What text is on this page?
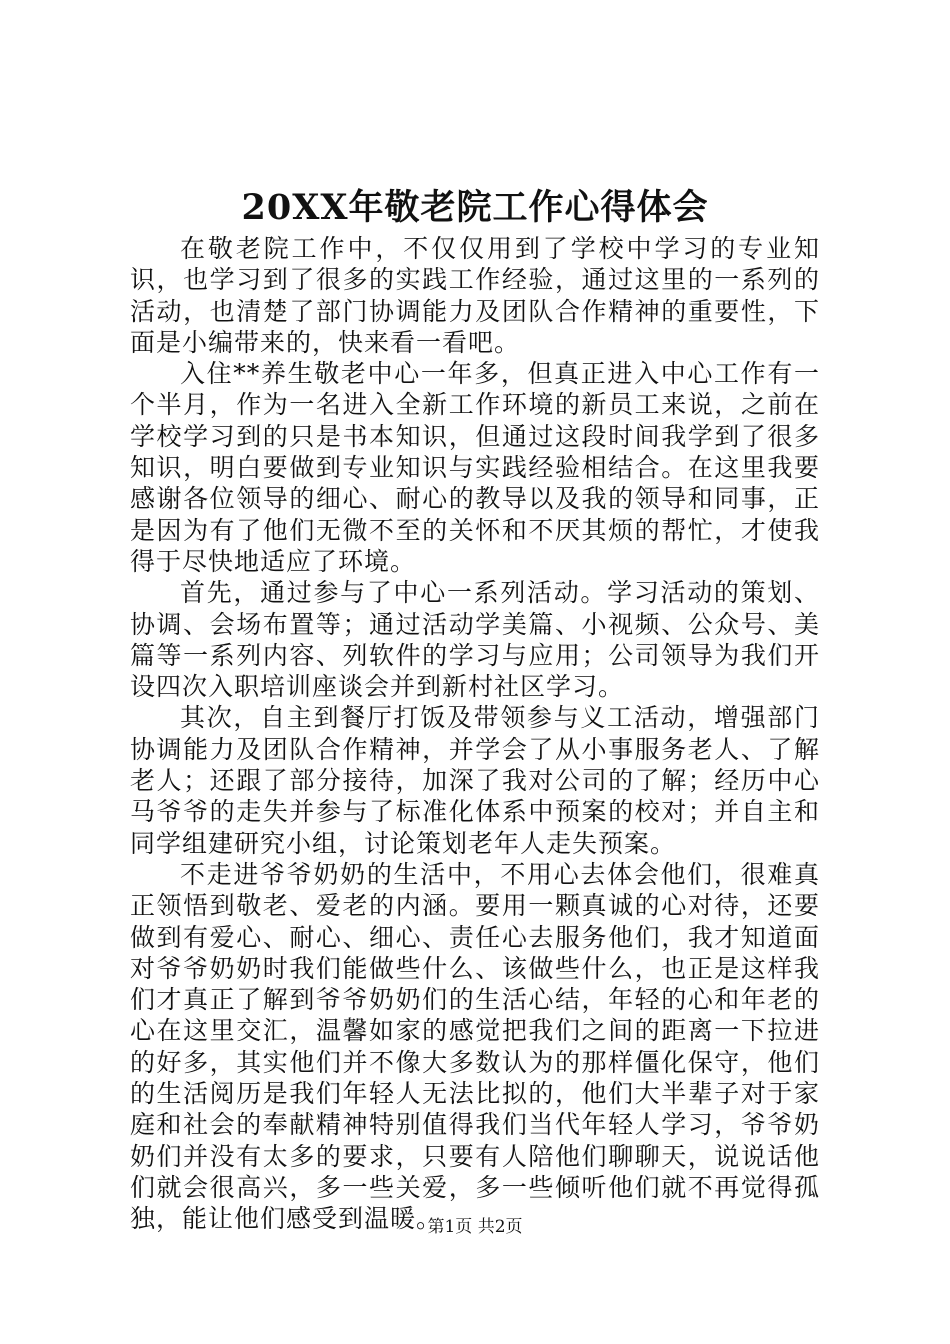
20XX年敬老院工作心得体会

在敬老院工作中，不仅仅用到了学校中学习的专业知识，也学习到了很多的实践工作经验，通过这里的一系列的活动，也清楚了部门协调能力及团队合作精神的重要性，下面是小编带来的，快来看一看吧。

入住**养生敬老中心一年多，但真正进入中心工作有一个半月，作为一名进入全新工作环境的新员工来说，之前在学校学习到的只是书本知识，但通过这段时间我学到了很多知识，明白要做到专业知识与实践经验相结合。在这里我要感谢各位领导的细心、耐心的教导以及我的领导和同事，正是因为有了他们无微不至的关怀和不厌其烦的帮忙，才使我得于尽快地适应了环境。

首先，通过参与了中心一系列活动。学习活动的策划、协调、会场布置等；通过活动学美篇、小视频、公众号、美篇等一系列内容、列软件的学习与应用；公司领导为我们开设四次入职培训座谈会并到新村社区学习。

其次，自主到餐厅打饭及带领参与义工活动，增强部门协调能力及团队合作精神，并学会了从小事服务老人、了解老人；还跟了部分接待，加深了我对公司的了解；经历中心马爷爷的走失并参与了标准化体系中预案的校对；并自主和同学组建研究小组，讨论策划老年人走失预案。

不走进爷爷奶奶的生活中，不用心去体会他们，很难真正领悟到敬老、爱老的内涵。要用一颗真诚的心对待，还要做到有爱心、耐心、细心、责任心去服务他们，我才知道面对爷爷奶奶时我们能做些什么、该做些什么，也正是这样我们才真正了解到爷爷奶奶们的生活心结，年轻的心和年老的心在这里交汇，温馨如家的感觉把我们之间的距离一下拉进的好多，其实他们并不像大多数认为的那样僵化保守，他们的生活阅历是我们年轻人无法比拟的，他们大半辈子对于家庭和社会的奉献精神特别值得我们当代年轻人学习，爷爷奶奶们并没有太多的要求，只要有人陪他们聊聊天，说说话他们就会很高兴，多一些关爱，多一些倾听他们就不再觉得孤独，能让他们感受到温暖。

第1页 共2页
